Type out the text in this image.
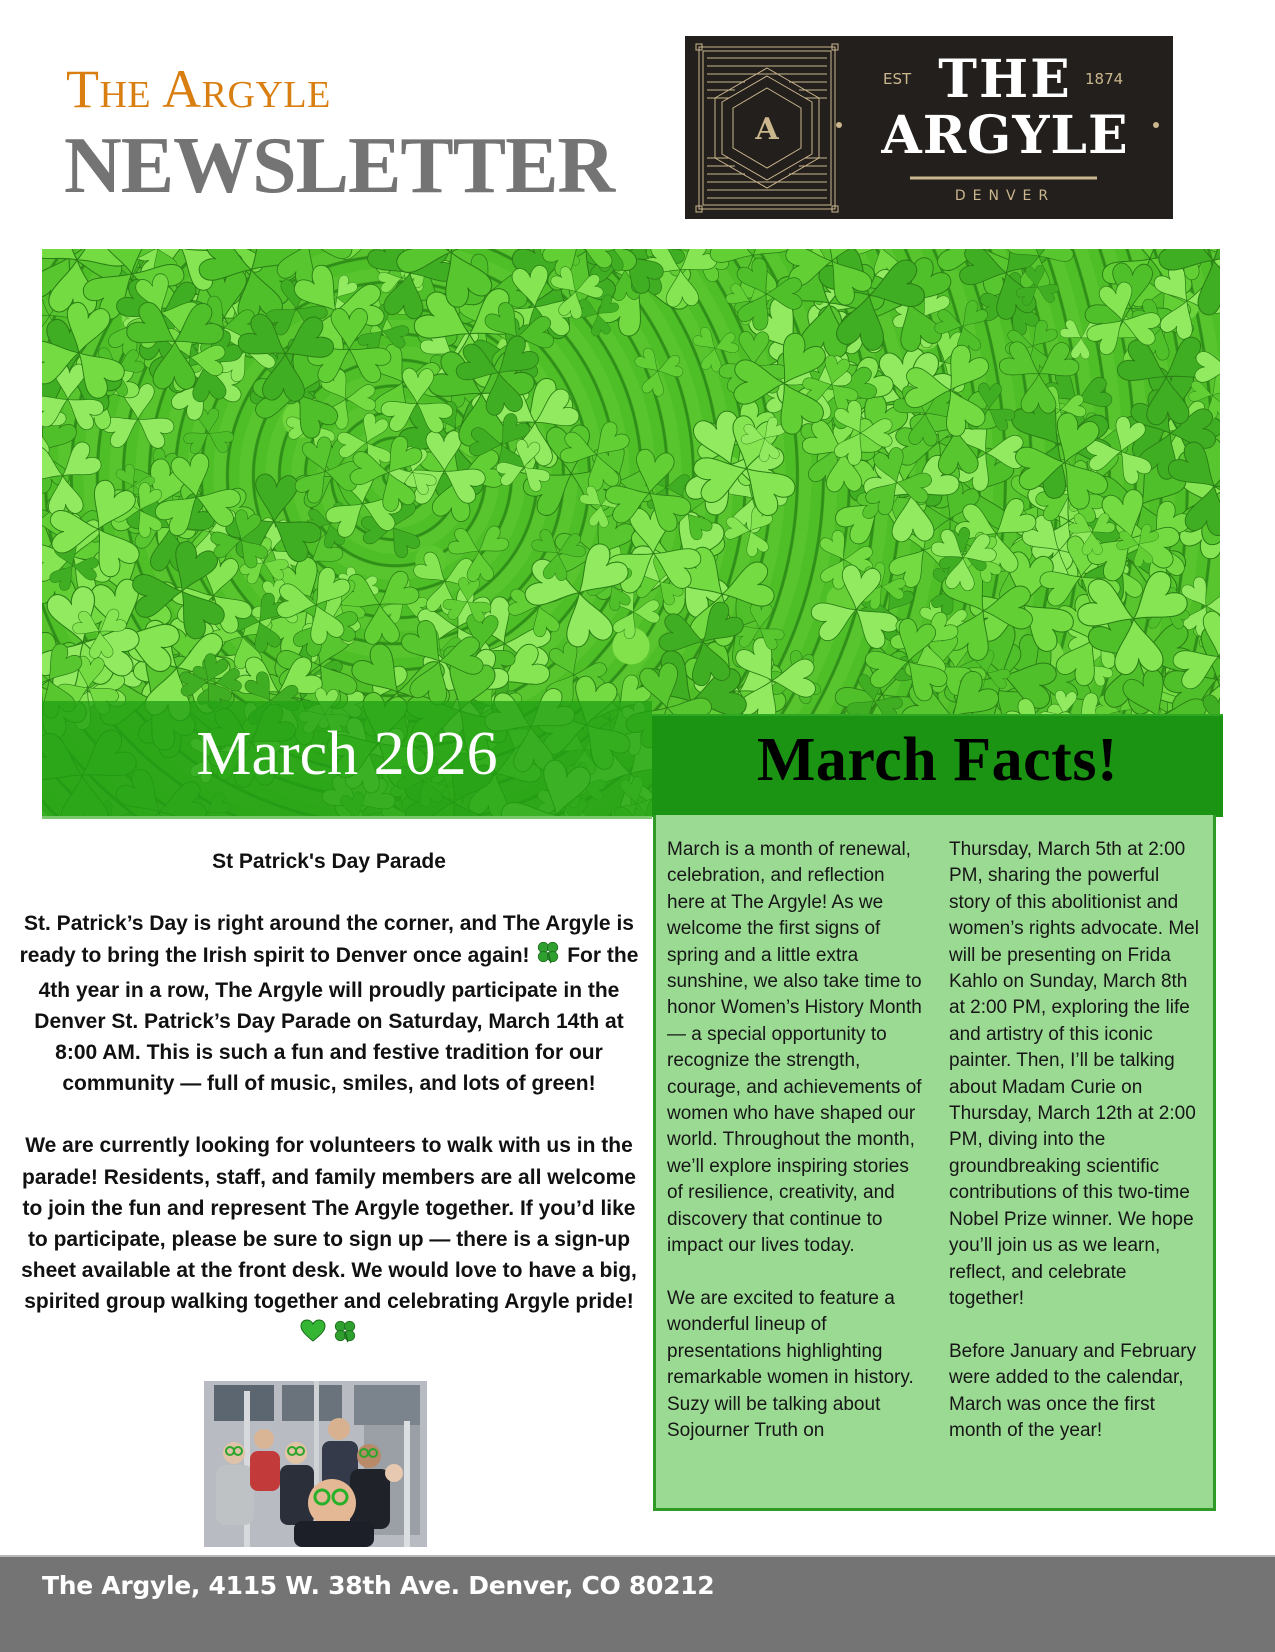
The Argyle
NEWSLETTER	A
EST	1874
THE
ARGYLE
DENVER
March 2026	March Facts!

St Patrick's Day Parade

St. Patrick’s Day is right around the corner, and The Argyle is ready to bring the Irish spirit to Denver once again! For the 4th year in a row, The Argyle will proudly participate in the Denver St. Patrick’s Day Parade on Saturday, March 14th at 8:00 AM. This is such a fun and festive tradition for our community — full of music, smiles, and lots of green!

We are currently looking for volunteers to walk with us in the parade! Residents, staff, and family members are all welcome to join the fun and represent The Argyle together. If you’d like to participate, please be sure to sign up — there is a sign-up sheet available at the front desk. We would love to have a big, spirited group walking together and celebrating Argyle pride!

March is a month of renewal, celebration, and reflection here at The Argyle! As we welcome the first signs of spring and a little extra sunshine, we also take time to honor Women’s History Month — a special opportunity to recognize the strength, courage, and achievements of women who have shaped our world. Throughout the month, we’ll explore inspiring stories of resilience, creativity, and discovery that continue to impact our lives today.

We are excited to feature a wonderful lineup of presentations highlighting remarkable women in history. Suzy will be talking about Sojourner Truth on

Thursday, March 5th at 2:00 PM, sharing the powerful story of this abolitionist and women’s rights advocate. Mel will be presenting on Frida Kahlo on Sunday, March 8th at 2:00 PM, exploring the life and artistry of this iconic painter. Then, I’ll be talking about Madam Curie on Thursday, March 12th at 2:00 PM, diving into the groundbreaking scientific contributions of this two-time Nobel Prize winner. We hope you’ll join us as we learn, reflect, and celebrate together!

Before January and February were added to the calendar, March was once the first month of the year!

The Argyle, 4115 W. 38th Ave. Denver, CO 80212
